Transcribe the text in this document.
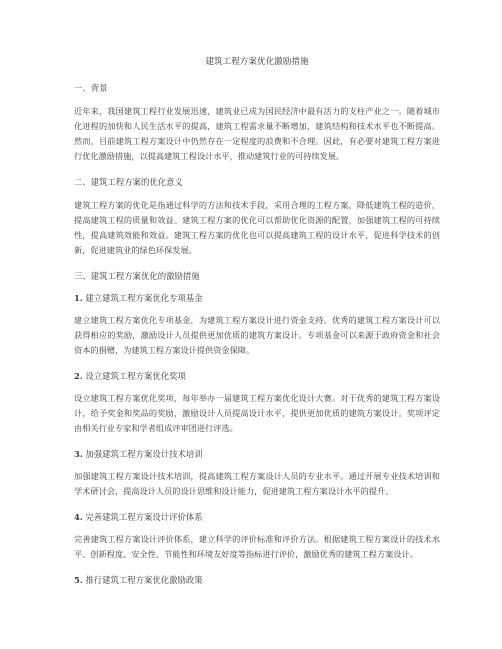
建筑工程方案优化激励措施
一、背景
近年来，我国建筑工程行业发展迅速，建筑业已成为国民经济中最有活力的支柱产业之一。随着城市化进程的加快和人民生活水平的提高，建筑工程需求量不断增加，建筑结构和技术水平也不断提高。然而，目前建筑工程方案设计中仍然存在一定程度的浪费和不合理。因此，有必要对建筑工程方案进行优化激励措施，以提高建筑工程设计水平，推动建筑行业的可持续发展。
二、建筑工程方案的优化意义
建筑工程方案的优化是指通过科学的方法和技术手段，采用合理的工程方案，降低建筑工程的造价，提高建筑工程的质量和效益。建筑工程方案的优化可以帮助优化资源的配置，加强建筑工程的可持续性，提高建筑效能和效益。建筑工程方案的优化也可以提高建筑工程的设计水平，促进科学技术的创新，促进建筑业的绿色环保发展。
三、建筑工程方案优化的激励措施
1. 建立建筑工程方案优化专项基金
建立建筑工程方案优化专项基金，为建筑工程方案设计进行资金支持。优秀的建筑工程方案设计可以获得相应的奖励，激励设计人员提供更加优质的建筑方案设计。专项基金可以来源于政府资金和社会资本的捐赠，为建筑工程方案设计提供资金保障。
2. 设立建筑工程方案优化奖项
设立建筑工程方案优化奖项，每年举办一届建筑工程方案优化设计大赛。对于优秀的建筑工程方案设计，给予奖金和奖品的奖励，激励设计人员提高设计水平，提供更加优质的建筑方案设计。奖项评定由相关行业专家和学者组成评审团进行评选。
3. 加强建筑工程方案设计技术培训
加强建筑工程方案设计技术培训，提高建筑工程方案设计人员的专业水平。通过开展专业技术培训和学术研讨会，提高设计人员的设计思维和设计能力，促进建筑工程方案设计水平的提升。
4. 完善建筑工程方案设计评价体系
完善建筑工程方案设计评价体系，建立科学的评价标准和评价方法。根据建筑工程方案设计的技术水平、创新程度、安全性、节能性和环境友好度等指标进行评价，激励优秀的建筑工程方案设计。
5. 推行建筑工程方案优化激励政策
